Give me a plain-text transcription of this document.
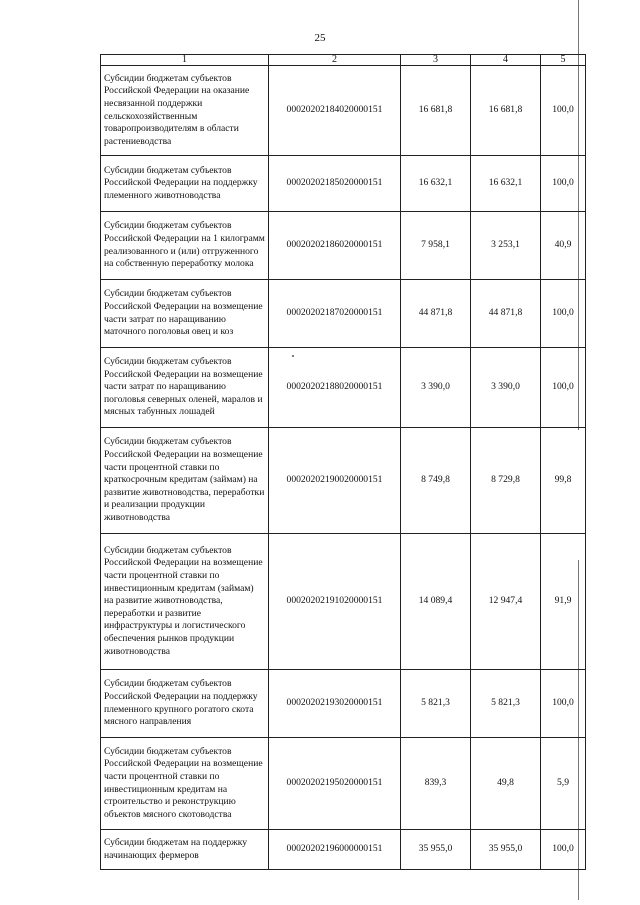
25
1	2	3	4	5
Субсидии бюджетам субъектов Российской Федерации на оказание несвязанной поддержки сельскохозяйственным товаропроизводителям в области растениеводства	00020202184020000151	16 681,8	16 681,8	100,0
Субсидии бюджетам субъектов Российской Федерации на поддержку племенного животноводства	00020202185020000151	16 632,1	16 632,1	100,0
Субсидии бюджетам субъектов Российской Федерации на 1 килограмм реализованного и (или) отгруженного на собственную переработку молока	00020202186020000151	7 958,1	3 253,1	40,9
Субсидии бюджетам субъектов Российской Федерации на возмещение части затрат по наращиванию маточного поголовья овец и коз	00020202187020000151	44 871,8	44 871,8	100,0
Субсидии бюджетам субъектов Российской Федерации на возмещение части затрат по наращиванию поголовья северных оленей, маралов и мясных табунных лошадей	00020202188020000151	3 390,0	3 390,0	100,0
Субсидии бюджетам субъектов Российской Федерации на возмещение части процентной ставки по краткосрочным кредитам (займам) на развитие животноводства, переработки и реализации продукции животноводства	00020202190020000151	8 749,8	8 729,8	99,8
Субсидии бюджетам субъектов Российской Федерации на возмещение части процентной ставки по инвестиционным кредитам (займам) на развитие животноводства, переработки и развитие инфраструктуры и логистического обеспечения рынков продукции животноводства	00020202191020000151	14 089,4	12 947,4	91,9
Субсидии бюджетам субъектов Российской Федерации на поддержку племенного крупного рогатого скота мясного направления	00020202193020000151	5 821,3	5 821,3	100,0
Субсидии бюджетам субъектов Российской Федерации на возмещение части процентной ставки по инвестиционным кредитам на строительство и реконструкцию объектов мясного скотоводства	00020202195020000151	839,3	49,8	5,9
Субсидии бюджетам на поддержку начинающих фермеров	00020202196000000151	35 955,0	35 955,0	100,0
